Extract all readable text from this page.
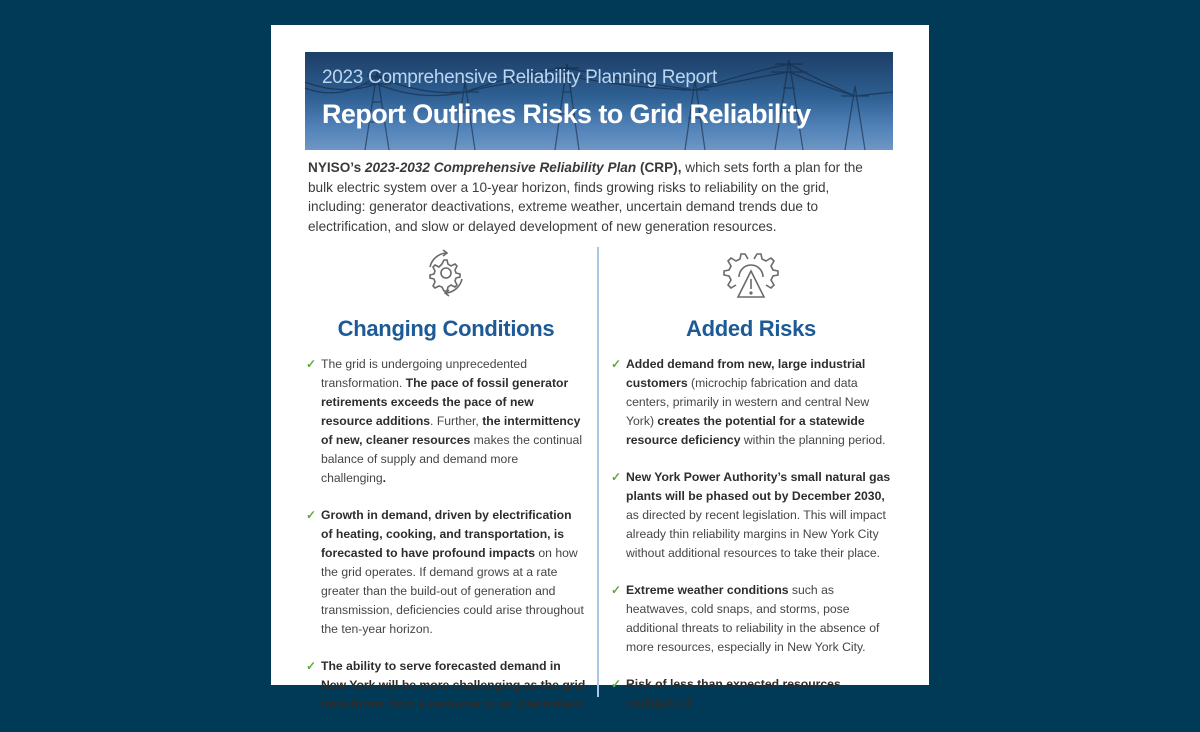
2023 Comprehensive Reliability Planning Report
Report Outlines Risks to Grid Reliability
NYISO’s 2023-2032 Comprehensive Reliability Plan (CRP), which sets forth a plan for the bulk electric system over a 10-year horizon, finds growing risks to reliability on the grid, including: generator deactivations, extreme weather, uncertain demand trends due to electrification, and slow or delayed development of new generation resources.
Changing Conditions
✓ The grid is undergoing unprecedented transformation. The pace of fossil generator retirements exceeds the pace of new resource additions. Further, the intermittency of new, cleaner resources makes the continual balance of supply and demand more challenging.
✓ Growth in demand, driven by electrification of heating, cooking, and transportation, is forecasted to have profound impacts on how the grid operates. If demand grows at a rate greater than the build-out of generation and transmission, deficiencies could arise throughout the ten-year horizon.
✓ The ability to serve forecasted demand in New York will be more challenging as the grid transforms from a resource to an intermittent
Added Risks
✓ Added demand from new, large industrial customers (microchip fabrication and data centers, primarily in western and central New York) creates the potential for a statewide resource deficiency within the planning period.
✓ New York Power Authority’s small natural gas plants will be phased out by December 2030, as directed by recent legislation. This will impact already thin reliability margins in New York City without additional resources to take their place.
✓ Extreme weather conditions such as heatwaves, cold snaps, and storms, pose additional threats to reliability in the absence of more resources, especially in New York City.
✓ Risk of less than expected resources mulitiple of
